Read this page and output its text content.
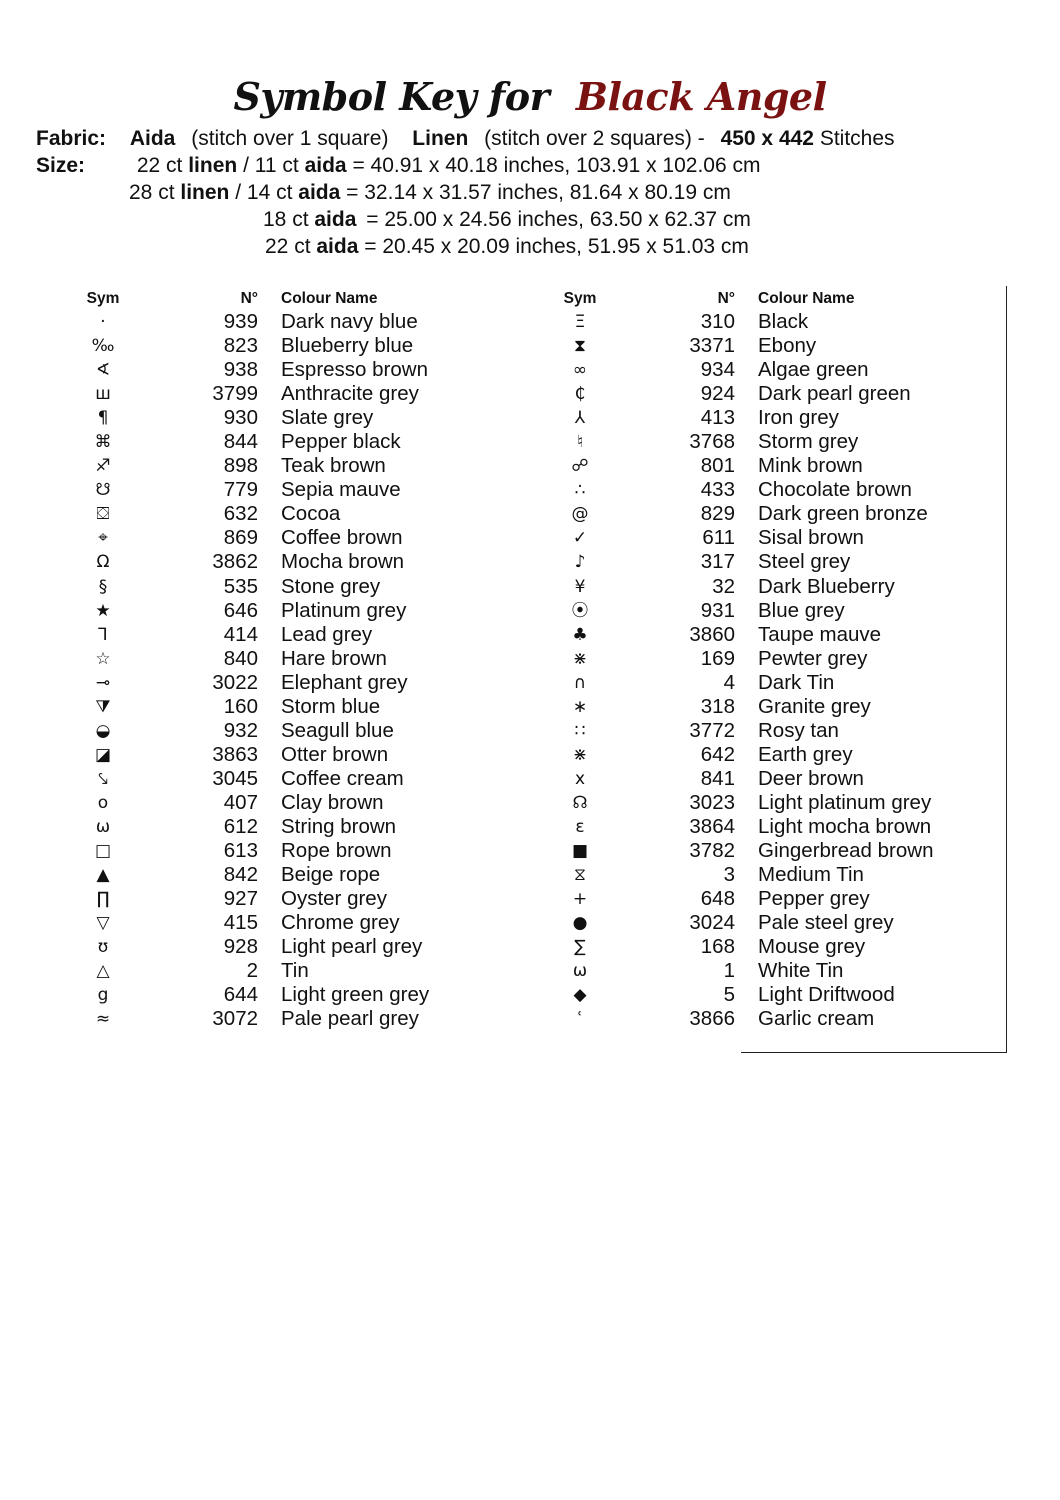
Symbol Key for Black Angel
Fabric: Aida (stitch over 1 square) Linen (stitch over 2 squares) - 450 x 442 Stitches
Size: 22 ct linen / 11 ct aida = 40.91 x 40.18 inches, 103.91 x 102.06 cm
28 ct linen / 14 ct aida = 32.14 x 31.57 inches, 81.64 x 80.19 cm
18 ct aida = 25.00 x 24.56 inches, 63.50 x 62.37 cm
22 ct aida = 20.45 x 20.09 inches, 51.95 x 51.03 cm
Sym	N° Colour Name
·	939 Dark navy blue
‰	823 Blueberry blue
∢	938 Espresso brown
ш	3799 Anthracite grey
¶	930 Slate grey
⌘	844 Pepper black
♐	898 Teak brown
☋	779 Sepia mauve
⛋	632 Cocoa
⌖	869 Coffee brown
Ω	3862 Mocha brown
§	535 Stone grey
★	646 Platinum grey
⅂	414 Lead grey
☆	840 Hare brown
⊸	3022 Elephant grey
⧩	160 Storm blue
◒	932 Seagull blue
◪	3863 Otter brown
⤥	3045 Coffee cream
o	407 Clay brown
ω	612 String brown
□	613 Rope brown
▲	842 Beige rope
∏	927 Oyster grey
▽	415 Chrome grey
ʊ	928 Light pearl grey
△	2 Tin
g	644 Light green grey
≈	3072 Pale pearl grey
Sym	N° Colour Name
Ξ	310 Black
⧗	3371 Ebony
∞	934 Algae green
₵	924 Dark pearl green
⅄	413 Iron grey
♮	3768 Storm grey
☍	801 Mink brown
∴	433 Chocolate brown
@	829 Dark green bronze
✓	611 Sisal brown
♪	317 Steel grey
¥	32 Dark Blueberry
⦿	931 Blue grey
♣	3860 Taupe mauve
⋇	169 Pewter grey
∩	4 Dark Tin
∗	318 Granite grey
∷	3772 Rosy tan
⋇	642 Earth grey
x	841 Deer brown
☊	3023 Light platinum grey
ε	3864 Light mocha brown
■	3782 Gingerbread brown
⧖	3 Medium Tin
+	648 Pepper grey
●	3024 Pale steel grey
∑	168 Mouse grey
ω	1 White Tin
◆	5 Light Driftwood
ʿ	3866 Garlic cream
